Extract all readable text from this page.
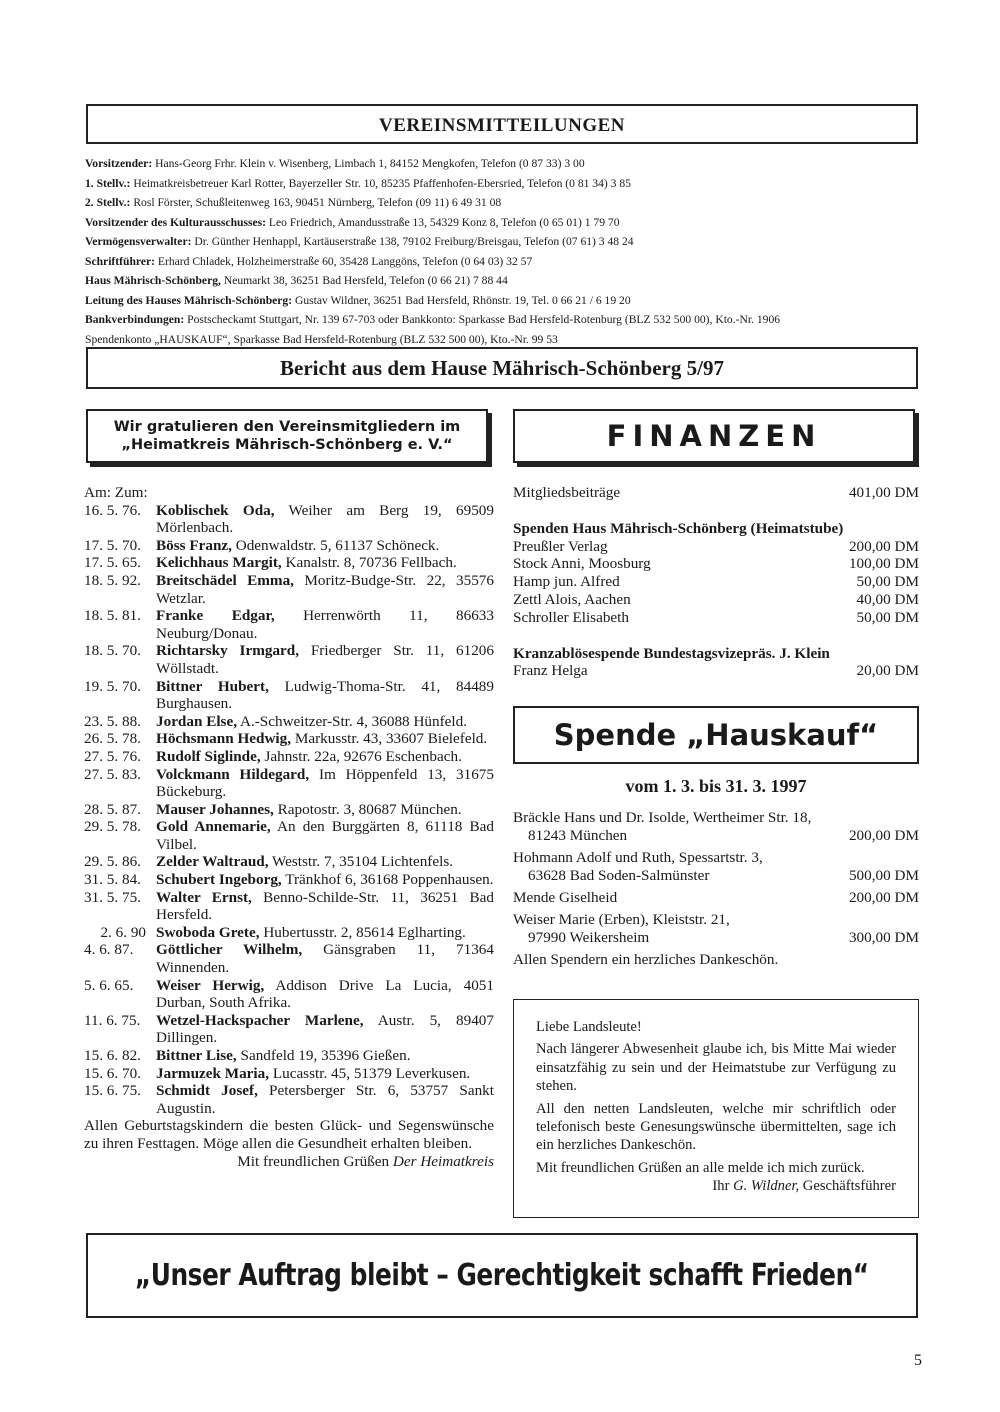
VEREINSMITTEILUNGEN
Vorsitzender: Hans-Georg Frhr. Klein v. Wisenberg, Limbach 1, 84152 Mengkofen, Telefon (0 87 33) 3 00
1. Stellv.: Heimatkreisbetreuer Karl Rotter, Bayerzeller Str. 10, 85235 Pfaffenhofen-Ebersried, Telefon (0 81 34) 3 85
2. Stellv.: Rosl Förster, Schußleitenweg 163, 90451 Nürnberg, Telefon (09 11) 6 49 31 08
Vorsitzender des Kulturausschusses: Leo Friedrich, Amandusstraße 13, 54329 Konz 8, Telefon (0 65 01) 1 79 70
Vermögensverwalter: Dr. Günther Henhappl, Kartäuserstraße 138, 79102 Freiburg/Breisgau, Telefon (07 61) 3 48 24
Schriftführer: Erhard Chladek, Holzheimerstraße 60, 35428 Langgöns, Telefon (0 64 03) 32 57
Haus Mährisch-Schönberg, Neumarkt 38, 36251 Bad Hersfeld, Telefon (0 66 21) 7 88 44
Leitung des Hauses Mährisch-Schönberg: Gustav Wildner, 36251 Bad Hersfeld, Rhönstr. 19, Tel. 0 66 21 / 6 19 20
Bankverbindungen: Postscheckamt Stuttgart, Nr. 139 67-703 oder Bankkonto: Sparkasse Bad Hersfeld-Rotenburg (BLZ 532 500 00), Kto.-Nr. 1906
Spendenkonto „HAUSKAUF“, Sparkasse Bad Hersfeld-Rotenburg (BLZ 532 500 00), Kto.-Nr. 99 53
Bericht aus dem Hause Mährisch-Schönberg 5/97
Wir gratulieren den Vereinsmitgliedern im
„Heimatkreis Mährisch-Schönberg e. V.“	FINANZEN
Am: Zum:
16. 5. 76. Koblischek Oda, Weiher am Berg 19, 69509 Mörlenbach.
17. 5. 70. Böss Franz, Odenwaldstr. 5, 61137 Schöneck.
17. 5. 65. Kelichhaus Margit, Kanalstr. 8, 70736 Fellbach.
18. 5. 92. Breitschädel Emma, Moritz-Budge-Str. 22, 35576 Wetzlar.
18. 5. 81. Franke Edgar, Herrenwörth 11, 86633 Neuburg/Donau.
18. 5. 70. Richtarsky Irmgard, Friedberger Str. 11, 61206 Wöllstadt.
19. 5. 70. Bittner Hubert, Ludwig-Thoma-Str. 41, 84489 Burghausen.
23. 5. 88. Jordan Else, A.-Schweitzer-Str. 4, 36088 Hünfeld.
26. 5. 78. Höchsmann Hedwig, Markusstr. 43, 33607 Bielefeld.
27. 5. 76. Rudolf Siglinde, Jahnstr. 22a, 92676 Eschenbach.
27. 5. 83. Volckmann Hildegard, Im Höppenfeld 13, 31675 Bückeburg.
28. 5. 87. Mauser Johannes, Rapotostr. 3, 80687 München.
29. 5. 78. Gold Annemarie, An den Burggärten 8, 61118 Bad Vilbel.
29. 5. 86. Zelder Waltraud, Weststr. 7, 35104 Lichtenfels.
31. 5. 84. Schubert Ingeborg, Tränkhof 6, 36168 Poppenhausen.
31. 5. 75. Walter Ernst, Benno-Schilde-Str. 11, 36251 Bad Hersfeld.
2. 6. 90 Swoboda Grete, Hubertusstr. 2, 85614 Eglharting.
4. 6. 87.	Göttlicher Wilhelm, Gänsgraben 11, 71364 Winnenden.
5. 6. 65.	Weiser Herwig, Addison Drive La Lucia, 4051 Durban, South Afrika.
11. 6. 75.	Wetzel-Hackspacher Marlene, Austr. 5, 89407 Dillingen.
15. 6. 82. Bittner Lise, Sandfeld 19, 35396 Gießen.
15. 6. 70. Jarmuzek Maria, Lucasstr. 45, 51379 Leverkusen.
15. 6. 75. Schmidt Josef, Petersberger Str. 6, 53757 Sankt Augustin.
Allen Geburtstagskindern die besten Glück- und Segenswünsche zu ihren Festtagen. Möge allen die Gesundheit erhalten bleiben.
Mit freundlichen Grüßen Der Heimatkreis
Mitgliedsbeiträge	401,00 DM
Spenden Haus Mährisch-Schönberg (Heimatstube)
Preußler Verlag	200,00 DM
Stock Anni, Moosburg	100,00 DM
Hamp jun. Alfred	50,00 DM
Zettl Alois, Aachen	40,00 DM
Schroller Elisabeth	50,00 DM
Kranzablösespende Bundestagsvizepräs. J. Klein
Franz Helga	20,00 DM
Spende „Hauskauf“
vom 1. 3. bis 31. 3. 1997
Bräckle Hans und Dr. Isolde, Wertheimer Str. 18,
81243 München	200,00 DM
Hohmann Adolf und Ruth, Spessartstr. 3,
63628 Bad Soden-Salmünster	500,00 DM
Mende Giselheid	200,00 DM
Weiser Marie (Erben), Kleiststr. 21,
97990 Weikersheim	300,00 DM
Allen Spendern ein herzliches Dankeschön.

Liebe Landsleute!

Nach längerer Abwesenheit glaube ich, bis Mitte Mai wieder einsatzfähig zu sein und der Heimatstube zur Verfügung zu stehen.

All den netten Landsleuten, welche mir schriftlich oder telefonisch beste Genesungswünsche übermittelten, sage ich ein herzliches Dankeschön.

Mit freundlichen Grüßen an alle melde ich mich zurück.

Ihr G. Wildner, Geschäftsführer

„Unser Auftrag bleibt – Gerechtigkeit schafft Frieden“
5
